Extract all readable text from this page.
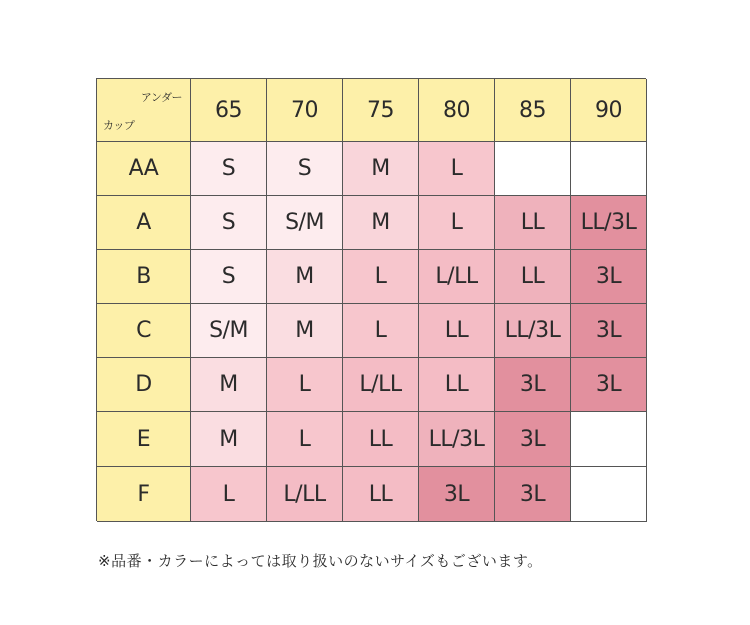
アンダー
カップ
65	70	75	80	85	90
AA	S	S	M	L
A	S	S/M	M	L	LL	LL/3L
B	S	M	L	L/LL	LL	3L
C	S/M	M	L	LL	LL/3L	3L
D	M	L	L/LL	LL	3L	3L
E	M	L	LL	LL/3L	3L
F	L	L/LL	LL	3L	3L
※品番・カラーによっては取り扱いのないサイズもございます。
